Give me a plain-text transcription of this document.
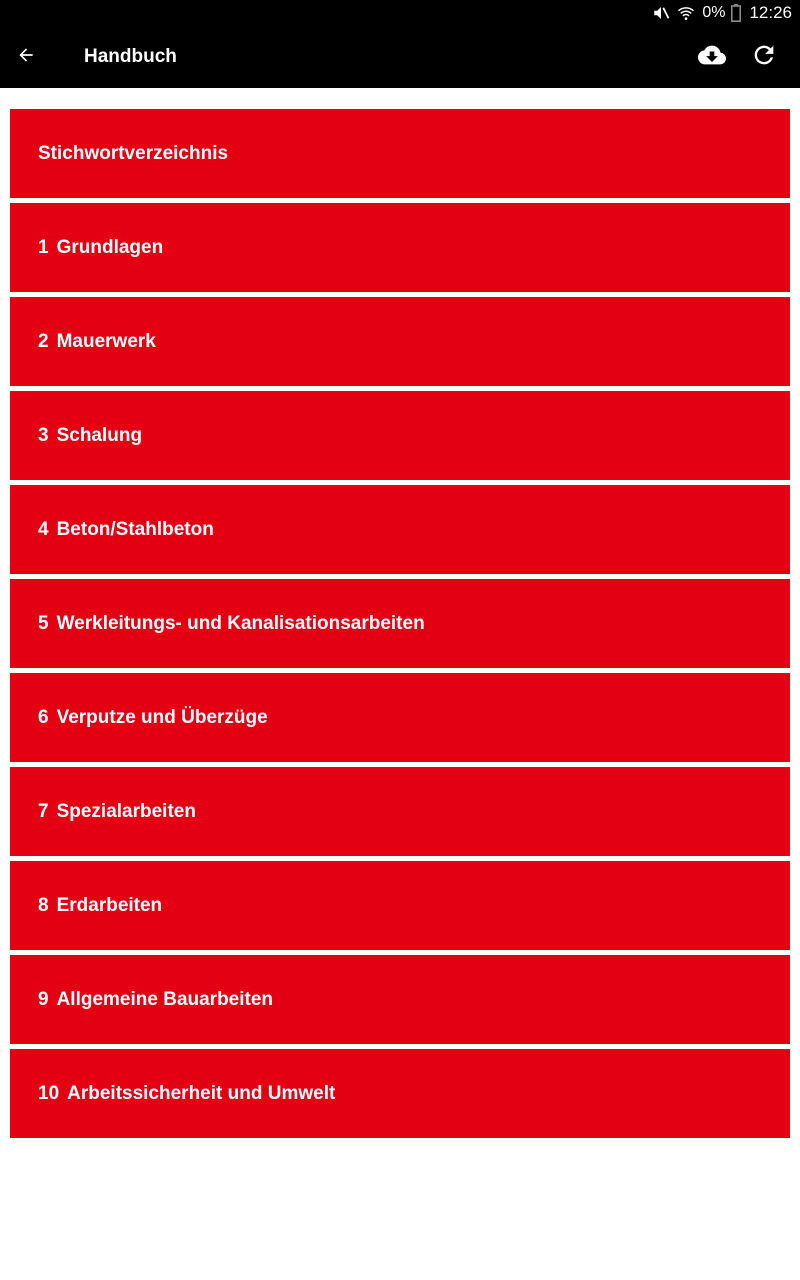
0% 12:26
Handbuch
Stichwortverzeichnis
1 Grundlagen
2 Mauerwerk
3 Schalung
4 Beton/Stahlbeton
5 Werkleitungs- und Kanalisationsarbeiten
6 Verputze und Überzüge
7 Spezialarbeiten
8 Erdarbeiten
9 Allgemeine Bauarbeiten
10 Arbeitssicherheit und Umwelt
